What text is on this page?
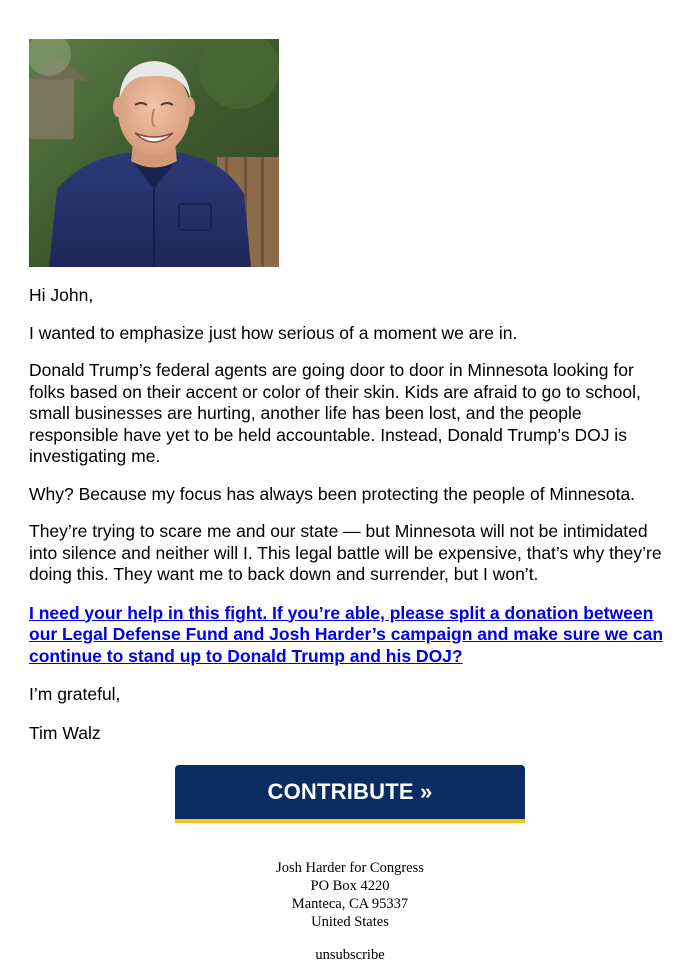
Hi John,

I wanted to emphasize just how serious of a moment we are in.

Donald Trump’s federal agents are going door to door in Minnesota looking for folks based on their accent or color of their skin. Kids are afraid to go to school, small businesses are hurting, another life has been lost, and the people responsible have yet to be held accountable. Instead, Donald Trump’s DOJ is investigating me.

Why? Because my focus has always been protecting the people of Minnesota.

They’re trying to scare me and our state — but Minnesota will not be intimidated into silence and neither will I. This legal battle will be expensive, that’s why they’re doing this. They want me to back down and surrender, but I won’t.

I need your help in this fight. If you’re able, please split a donation between our Legal Defense Fund and Josh Harder’s campaign and make sure we can continue to stand up to Donald Trump and his DOJ?

I’m grateful,

Tim Walz

CONTRIBUTE »
Josh Harder for Congress
PO Box 4220
Manteca, CA 95337
United States
unsubscribe
